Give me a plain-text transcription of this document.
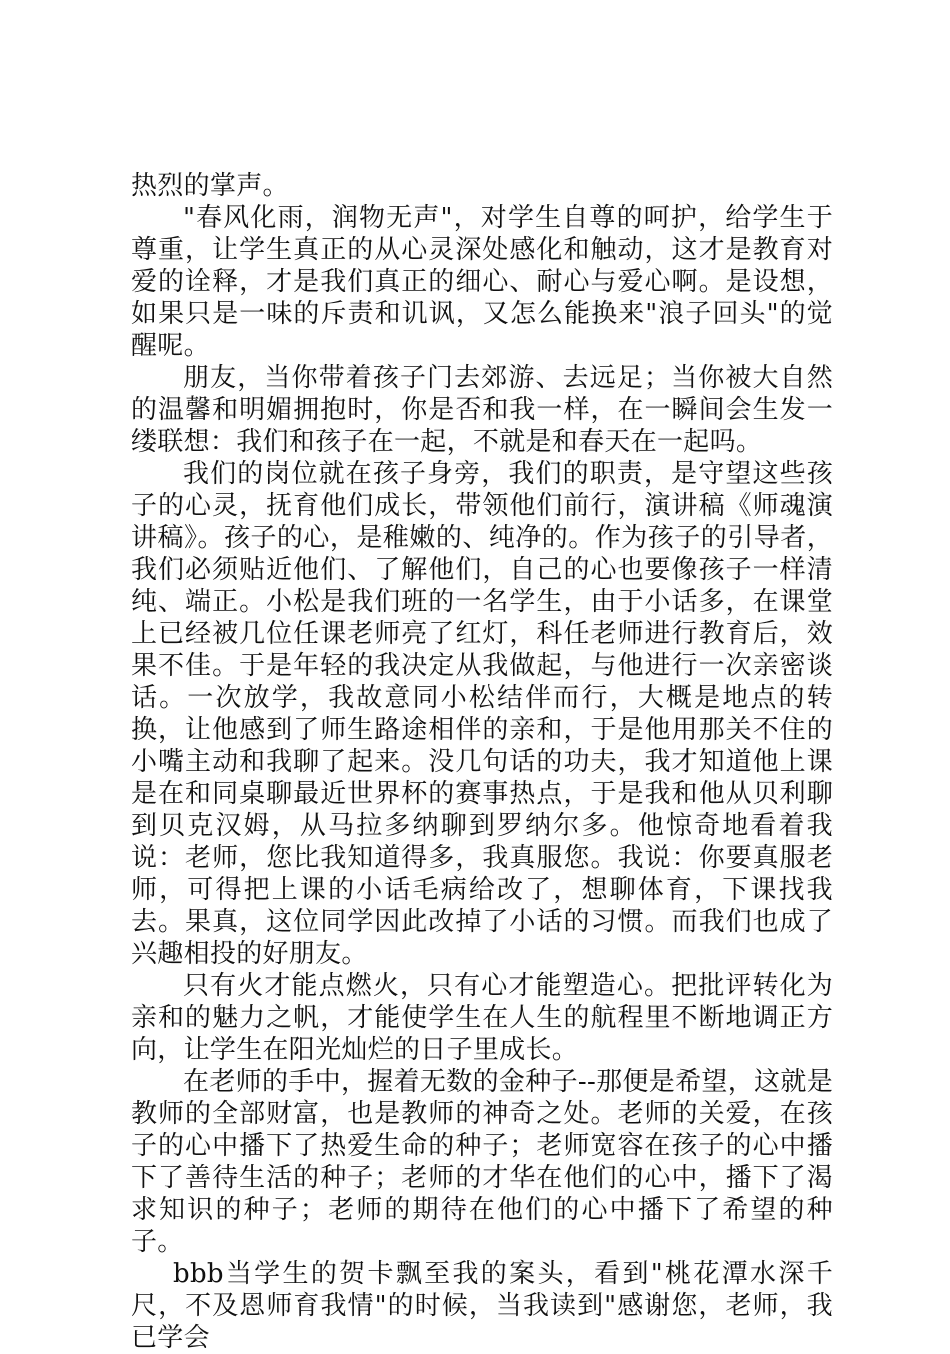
热烈的掌声。

"春风化雨，润物无声"，对学生自尊的呵护，给学生于尊重，让学生真正的从心灵深处感化和触动，这才是教育对爱的诠释，才是我们真正的细心、耐心与爱心啊。是设想，如果只是一味的斥责和讥讽，又怎么能换来"浪子回头"的觉醒呢。

朋友，当你带着孩子门去郊游、去远足；当你被大自然的温馨和明媚拥抱时，你是否和我一样，在一瞬间会生发一缕联想：我们和孩子在一起，不就是和春天在一起吗。

我们的岗位就在孩子身旁，我们的职责，是守望这些孩子的心灵，抚育他们成长，带领他们前行，演讲稿《师魂演讲稿》。孩子的心，是稚嫩的、纯净的。作为孩子的引导者，我们必须贴近他们、了解他们，自己的心也要像孩子一样清纯、端正。小松是我们班的一名学生，由于小话多，在课堂上已经被几位任课老师亮了红灯，科任老师进行教育后，效果不佳。于是年轻的我决定从我做起，与他进行一次亲密谈话。一次放学，我故意同小松结伴而行，大概是地点的转换，让他感到了师生路途相伴的亲和，于是他用那关不住的小嘴主动和我聊了起来。没几句话的功夫，我才知道他上课是在和同桌聊最近世界杯的赛事热点，于是我和他从贝利聊到贝克汉姆，从马拉多纳聊到罗纳尔多。他惊奇地看着我说：老师，您比我知道得多，我真服您。我说：你要真服老师，可得把上课的小话毛病给改了，想聊体育，下课找我去。果真，这位同学因此改掉了小话的习惯。而我们也成了兴趣相投的好朋友。

只有火才能点燃火，只有心才能塑造心。把批评转化为亲和的魅力之帆，才能使学生在人生的航程里不断地调正方向，让学生在阳光灿烂的日子里成长。

在老师的手中，握着无数的金种子--那便是希望，这就是教师的全部财富，也是教师的神奇之处。老师的关爱，在孩子的心中播下了热爱生命的种子；老师宽容在孩子的心中播下了善待生活的种子；老师的才华在他们的心中，播下了渴求知识的种子；老师的期待在他们的心中播下了希望的种子。

bbb当学生的贺卡飘至我的案头，看到"桃花潭水深千尺，不及恩师育我情"的时候，当我读到"感谢您，老师，我已学会
